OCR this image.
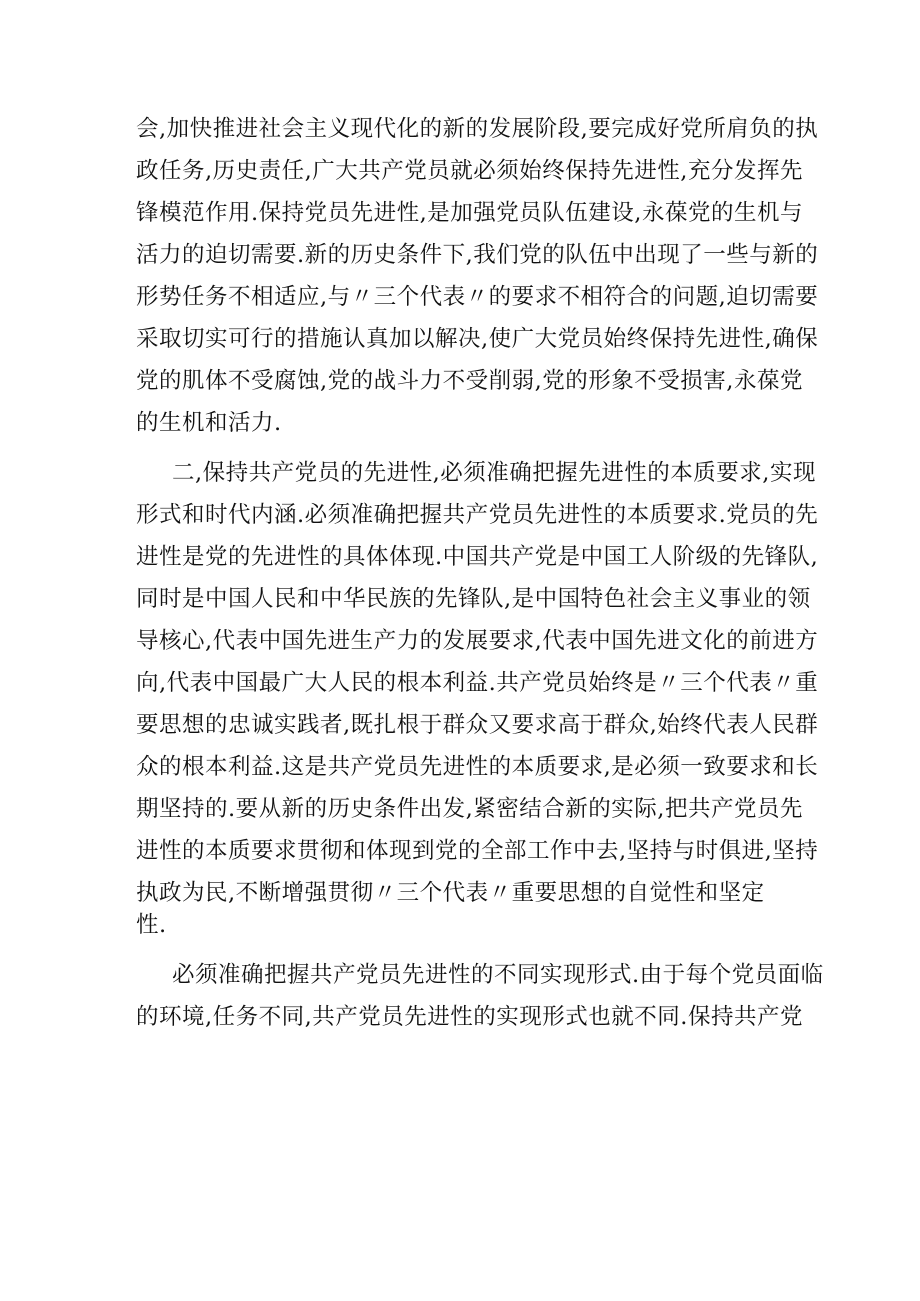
会,加快推进社会主义现代化的新的发展阶段,要完成好党所肩负的执
政任务,历史责任,广大共产党员就必须始终保持先进性,充分发挥先
锋模范作用.保持党员先进性,是加强党员队伍建设,永葆党的生机与
活力的迫切需要.新的历史条件下,我们党的队伍中出现了一些与新的
形势任务不相适应,与〃三个代表〃的要求不相符合的问题,迫切需要
采取切实可行的措施认真加以解决,使广大党员始终保持先进性,确保
党的肌体不受腐蚀,党的战斗力不受削弱,党的形象不受损害,永葆党
的生机和活力.
二,保持共产党员的先进性,必须准确把握先进性的本质要求,实现
形式和时代内涵.必须准确把握共产党员先进性的本质要求.党员的先
进性是党的先进性的具体体现.中国共产党是中国工人阶级的先锋队,
同时是中国人民和中华民族的先锋队,是中国特色社会主义事业的领
导核心,代表中国先进生产力的发展要求,代表中国先进文化的前进方
向,代表中国最广大人民的根本利益.共产党员始终是〃三个代表〃重
要思想的忠诚实践者,既扎根于群众又要求高于群众,始终代表人民群
众的根本利益.这是共产党员先进性的本质要求,是必须一致要求和长
期坚持的.要从新的历史条件出发,紧密结合新的实际,把共产党员先
进性的本质要求贯彻和体现到党的全部工作中去,坚持与时俱进,坚持
执政为民,不断增强贯彻〃三个代表〃重要思想的自觉性和坚定
性.
必须准确把握共产党员先进性的不同实现形式.由于每个党员面临
的环境,任务不同,共产党员先进性的实现形式也就不同.保持共产党
